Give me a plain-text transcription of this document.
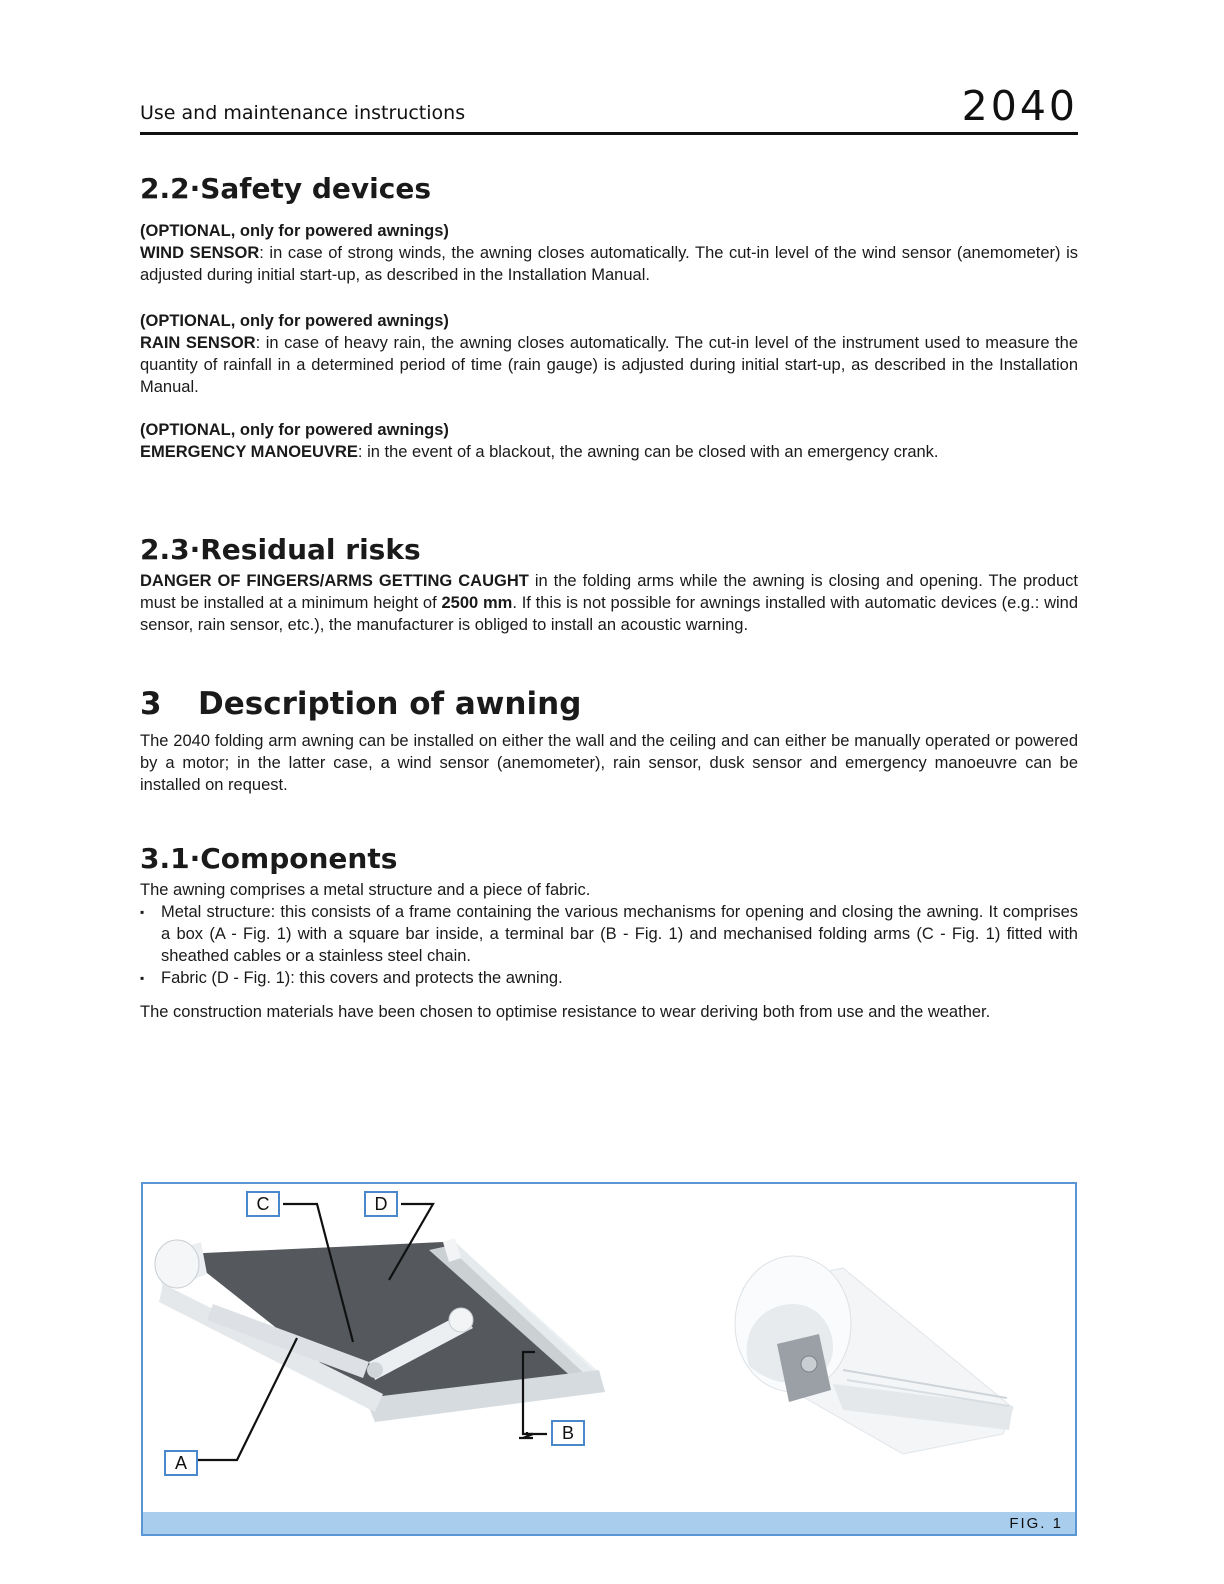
Use and maintenance instructions	2040
2.2·Safety devices
(OPTIONAL, only for powered awnings)

WIND SENSOR: in case of strong winds, the awning closes automatically. The cut-in level of the wind sensor (anemometer) is adjusted during initial start-up, as described in the Installation Manual.

(OPTIONAL, only for powered awnings)

RAIN SENSOR: in case of heavy rain, the awning closes automatically. The cut-in level of the instrument used to measure the quantity of rainfall in a determined period of time (rain gauge) is adjusted during initial start-up, as described in the Installation Manual.

(OPTIONAL, only for powered awnings)

EMERGENCY MANOEUVRE: in the event of a blackout, the awning can be closed with an emergency crank.

2.3·Residual risks

DANGER OF FINGERS/ARMS GETTING CAUGHT in the folding arms while the awning is closing and opening. The product must be installed at a minimum height of 2500 mm. If this is not possible for awnings installed with automatic devices (e.g.: wind sensor, rain sensor, etc.), the manufacturer is obliged to install an acoustic warning.

3 Description of awning

The 2040 folding arm awning can be installed on either the wall and the ceiling and can either be manually operated or powered by a motor; in the latter case, a wind sensor (anemometer), rain sensor, dusk sensor and emergency manoeuvre can be installed on request.

3.1·Components

The awning comprises a metal structure and a piece of fabric.

▪ Metal structure: this consists of a frame containing the various mechanisms for opening and closing the awning. It comprises a box (A - Fig. 1) with a square bar inside, a terminal bar (B - Fig. 1) and mechanised folding arms (C - Fig. 1) fitted with sheathed cables or a stainless steel chain.
▪ Fabric (D - Fig. 1): this covers and protects the awning.

The construction materials have been chosen to optimise resistance to wear deriving both from use and the weather.

C	D
B
A
FIG. 1
